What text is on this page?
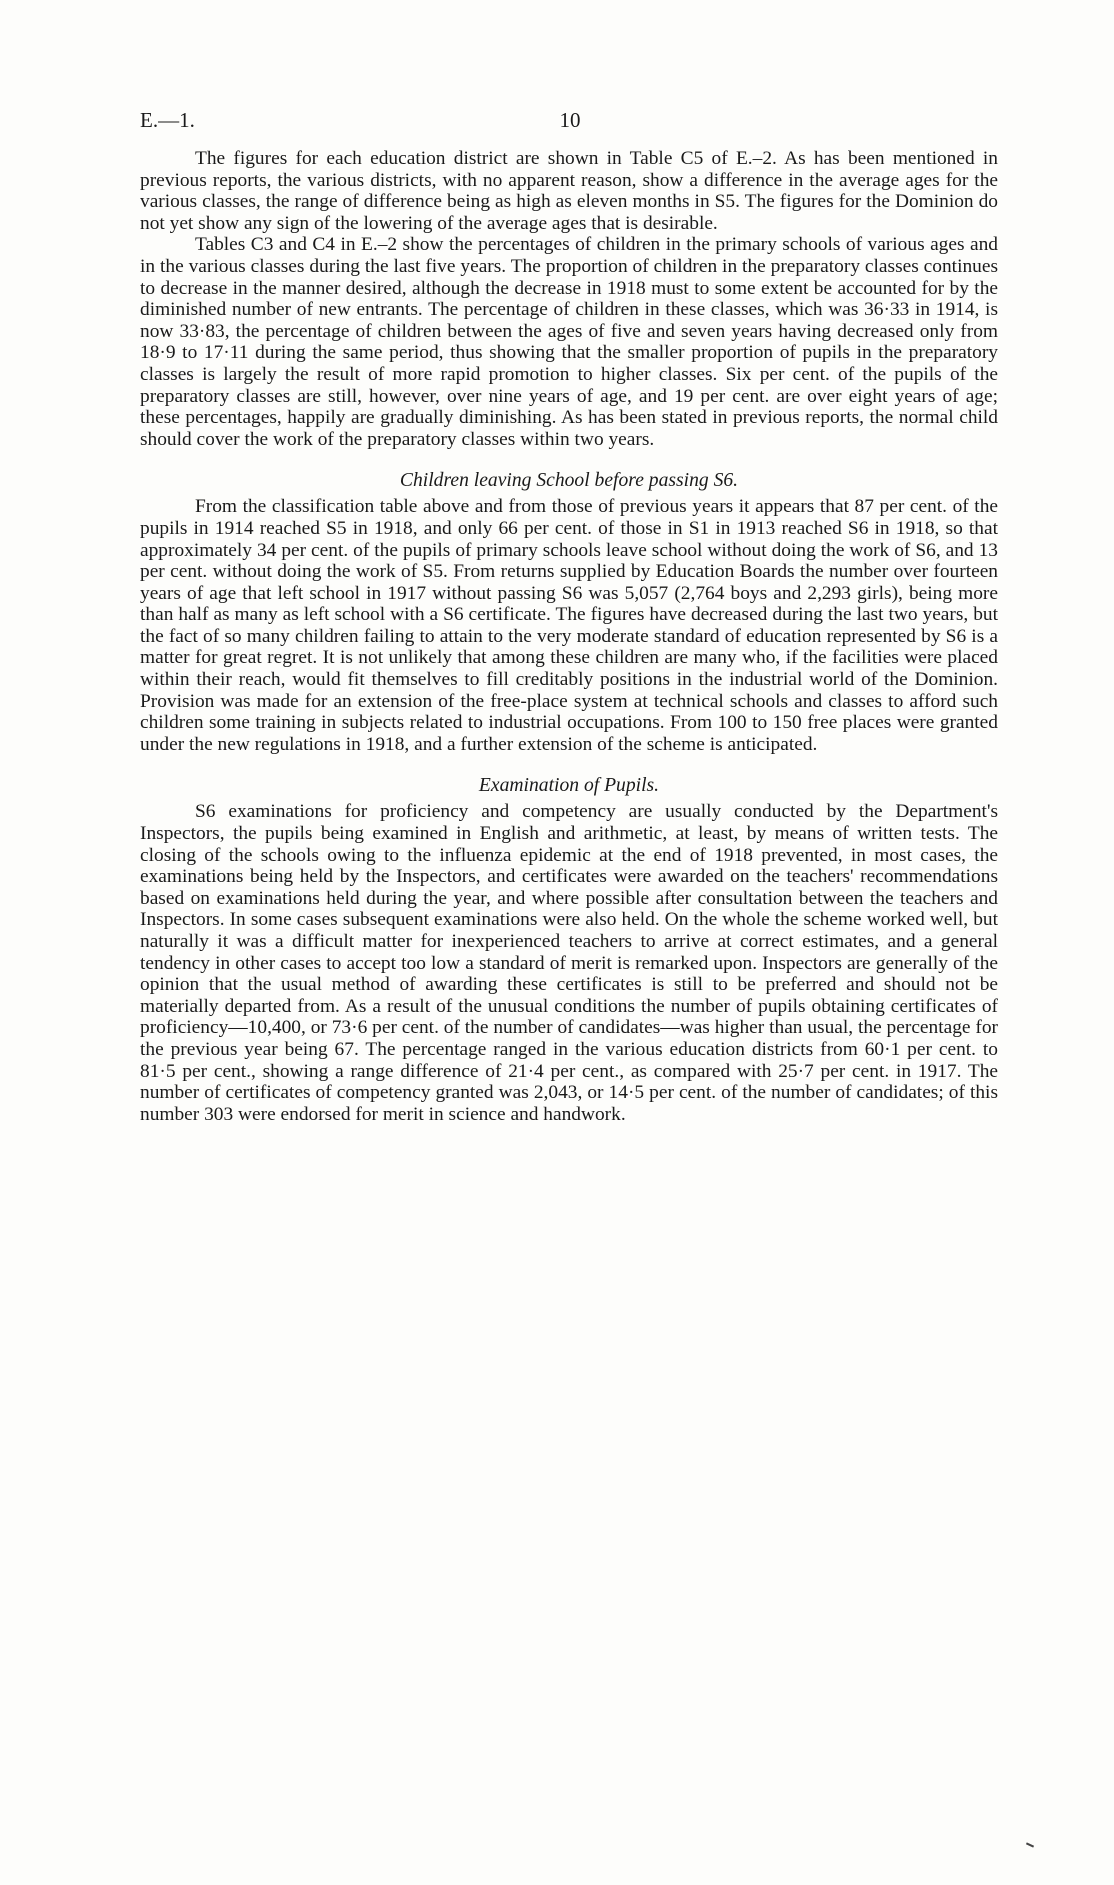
E.—1.	10

The figures for each education district are shown in Table C5 of E.–2. As has been mentioned in previous reports, the various districts, with no apparent reason, show a difference in the average ages for the various classes, the range of difference being as high as eleven months in S5. The figures for the Dominion do not yet show any sign of the lowering of the average ages that is desirable.

Tables C3 and C4 in E.–2 show the percentages of children in the primary schools of various ages and in the various classes during the last five years. The proportion of children in the preparatory classes continues to decrease in the manner desired, although the decrease in 1918 must to some extent be accounted for by the diminished number of new entrants. The percentage of children in these classes, which was 36·33 in 1914, is now 33·83, the percentage of children between the ages of five and seven years having decreased only from 18·9 to 17·11 during the same period, thus showing that the smaller proportion of pupils in the preparatory classes is largely the result of more rapid promotion to higher classes. Six per cent. of the pupils of the preparatory classes are still, however, over nine years of age, and 19 per cent. are over eight years of age; these percentages, happily are gradually diminishing. As has been stated in previous reports, the normal child should cover the work of the preparatory classes within two years.

Children leaving School before passing S6.

From the classification table above and from those of previous years it appears that 87 per cent. of the pupils in 1914 reached S5 in 1918, and only 66 per cent. of those in S1 in 1913 reached S6 in 1918, so that approximately 34 per cent. of the pupils of primary schools leave school without doing the work of S6, and 13 per cent. without doing the work of S5. From returns supplied by Education Boards the number over fourteen years of age that left school in 1917 without passing S6 was 5,057 (2,764 boys and 2,293 girls), being more than half as many as left school with a S6 certificate. The figures have decreased during the last two years, but the fact of so many children failing to attain to the very moderate standard of education represented by S6 is a matter for great regret. It is not unlikely that among these children are many who, if the facilities were placed within their reach, would fit themselves to fill creditably positions in the industrial world of the Dominion. Provision was made for an extension of the free-place system at technical schools and classes to afford such children some training in subjects related to industrial occupations. From 100 to 150 free places were granted under the new regulations in 1918, and a further extension of the scheme is anticipated.

Examination of Pupils.

S6 examinations for proficiency and competency are usually conducted by the Department's Inspectors, the pupils being examined in English and arithmetic, at least, by means of written tests. The closing of the schools owing to the influenza epidemic at the end of 1918 prevented, in most cases, the examinations being held by the Inspectors, and certificates were awarded on the teachers' recommendations based on examinations held during the year, and where possible after consultation between the teachers and Inspectors. In some cases subsequent examinations were also held. On the whole the scheme worked well, but naturally it was a difficult matter for inexperienced teachers to arrive at correct estimates, and a general tendency in other cases to accept too low a standard of merit is remarked upon. Inspectors are generally of the opinion that the usual method of awarding these certificates is still to be preferred and should not be materially departed from. As a result of the unusual conditions the number of pupils obtaining certificates of proficiency—10,400, or 73·6 per cent. of the number of candidates—was higher than usual, the percentage for the previous year being 67. The percentage ranged in the various education districts from 60·1 per cent. to 81·5 per cent., showing a range difference of 21·4 per cent., as compared with 25·7 per cent. in 1917. The number of certificates of competency granted was 2,043, or 14·5 per cent. of the number of candidates; of this number 303 were endorsed for merit in science and handwork.
